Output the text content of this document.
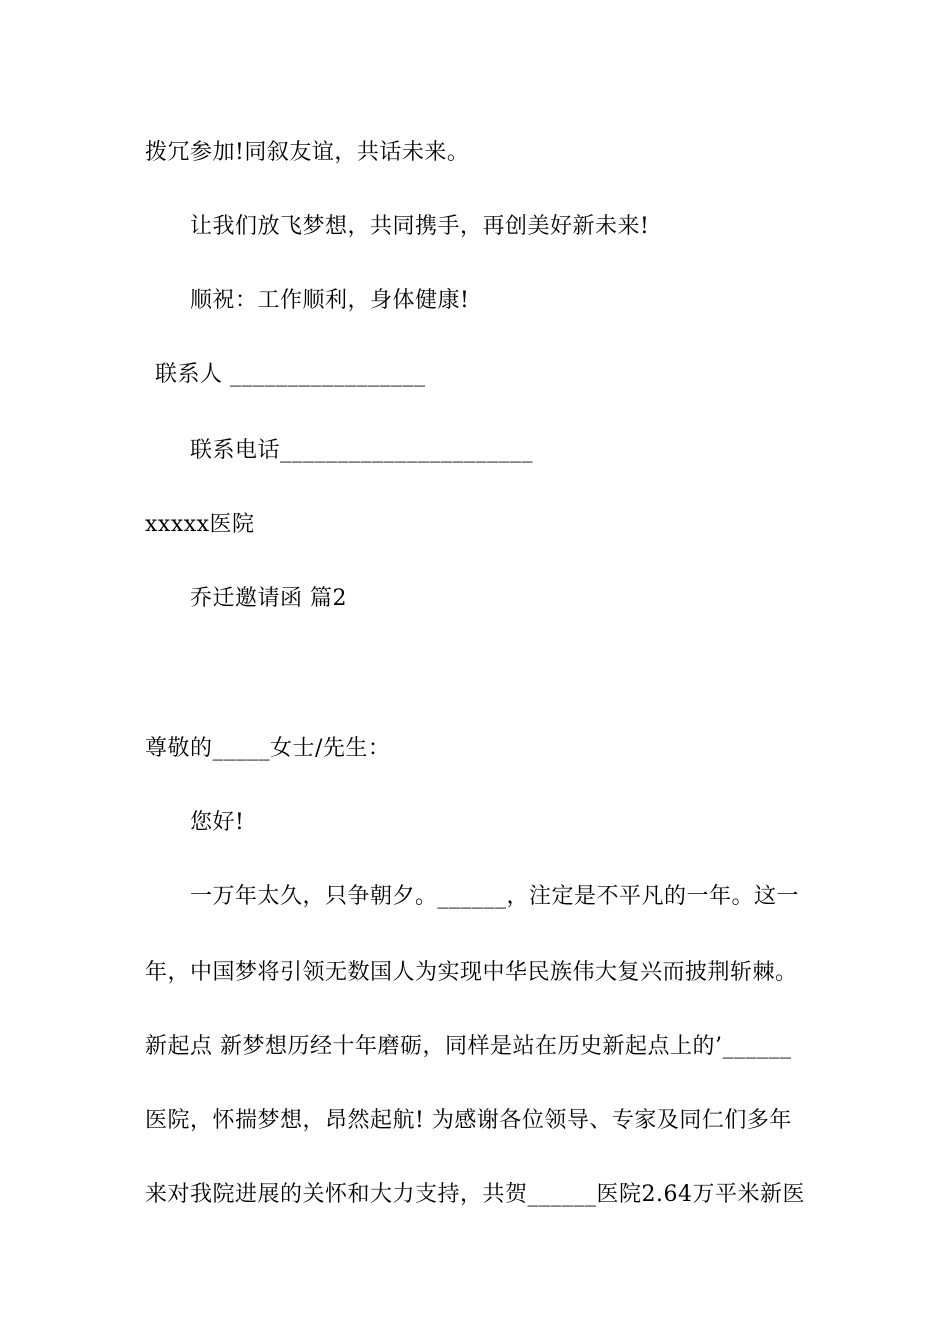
拨冗参加!同叙友谊，共话未来。
让我们放飞梦想，共同携手，再创美好新未来!
顺祝：工作顺利，身体健康!
联系人 _________________
联系电话______________________
xxxxx医院
乔迁邀请函 篇2
尊敬的_____女士/先生：
您好!
一万年太久，只争朝夕。______，注定是不平凡的一年。这一
年，中国梦将引领无数国人为实现中华民族伟大复兴而披荆斩棘。
新起点 新梦想历经十年磨砺，同样是站在历史新起点上的’______
医院，怀揣梦想，昂然起航! 为感谢各位领导、专家及同仁们多年
来对我院进展的关怀和大力支持，共贺______医院2.64万平米新医
